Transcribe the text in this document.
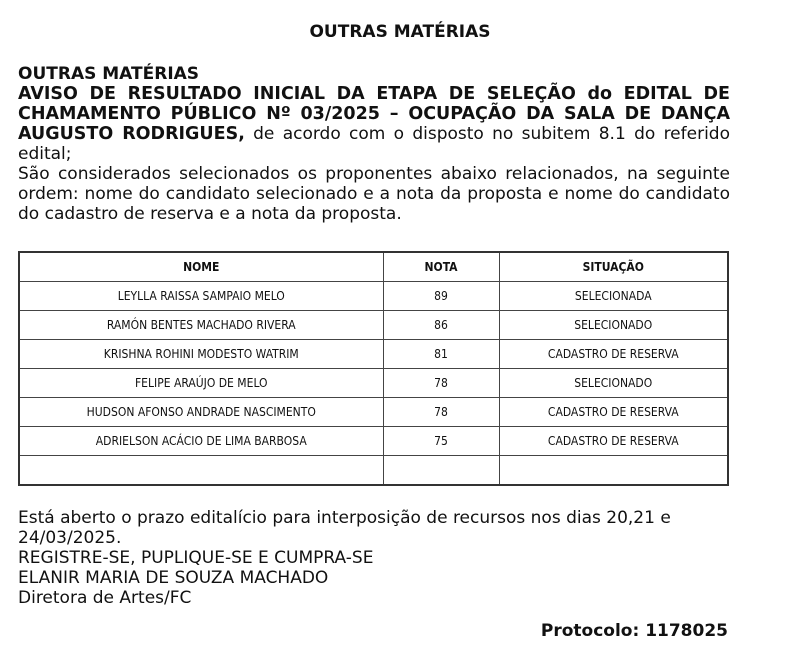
OUTRAS MATÉRIAS
OUTRAS MATÉRIAS
AVISO DE RESULTADO INICIAL DA ETAPA DE SELEÇÃO do EDITAL DE CHAMAMENTO PÚBLICO Nº 03/2025 – OCUPAÇÃO DA SALA DE DANÇA AUGUSTO RODRIGUES, de acordo com o disposto no subitem 8.1 do referido edital;
São considerados selecionados os proponentes abaixo relacionados, na seguinte ordem: nome do candidato selecionado e a nota da proposta e nome do candidato do cadastro de reserva e a nota da proposta.
NOME	NOTA	SITUAÇÃO
LEYLLA RAISSA SAMPAIO MELO	89	SELECIONADA
RAMÓN BENTES MACHADO RIVERA	86	SELECIONADO
KRISHNA ROHINI MODESTO WATRIM	81	CADASTRO DE RESERVA
FELIPE ARAÚJO DE MELO	78	SELECIONADO
HUDSON AFONSO ANDRADE NASCIMENTO	78	CADASTRO DE RESERVA
ADRIELSON ACÁCIO DE LIMA BARBOSA	75	CADASTRO DE RESERVA

Está aberto o prazo editalício para interposição de recursos nos dias 20,21 e 24/03/2025.
REGISTRE-SE, PUPLIQUE-SE E CUMPRA-SE
ELANIR MARIA DE SOUZA MACHADO
Diretora de Artes/FC
Protocolo: 1178025
